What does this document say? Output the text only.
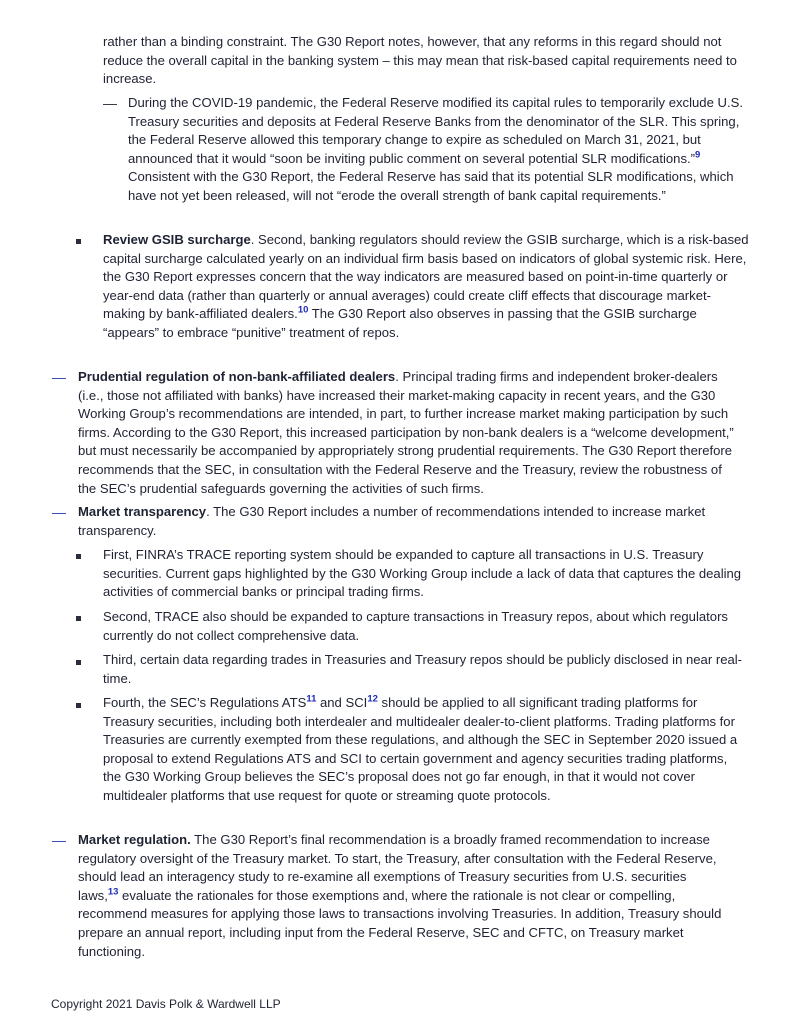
rather than a binding constraint. The G30 Report notes, however, that any reforms in this regard should not reduce the overall capital in the banking system – this may mean that risk-based capital requirements need to increase.

— During the COVID-19 pandemic, the Federal Reserve modified its capital rules to temporarily exclude U.S. Treasury securities and deposits at Federal Reserve Banks from the denominator of the SLR. This spring, the Federal Reserve allowed this temporary change to expire as scheduled on March 31, 2021, but announced that it would “soon be inviting public comment on several potential SLR modifications.”$^9$ Consistent with the G30 Report, the Federal Reserve has said that its potential SLR modifications, which have not yet been released, will not “erode the overall strength of bank capital requirements.”

Review GSIB surcharge. Second, banking regulators should review the GSIB surcharge, which is a risk-based capital surcharge calculated yearly on an individual firm basis based on indicators of global systemic risk. Here, the G30 Report expresses concern that the way indicators are measured based on point-in-time quarterly or year-end data (rather than quarterly or annual averages) could create cliff effects that discourage market-making by bank-affiliated dealers.$^{10}$ The G30 Report also observes in passing that the GSIB surcharge “appears” to embrace “punitive” treatment of repos.

— Prudential regulation of non-bank-affiliated dealers. Principal trading firms and independent broker-dealers (i.e., those not affiliated with banks) have increased their market-making capacity in recent years, and the G30 Working Group’s recommendations are intended, in part, to further increase market making participation by such firms. According to the G30 Report, this increased participation by non-bank dealers is a “welcome development,” but must necessarily be accompanied by appropriately strong prudential requirements. The G30 Report therefore recommends that the SEC, in consultation with the Federal Reserve and the Treasury, review the robustness of the SEC’s prudential safeguards governing the activities of such firms.

— Market transparency. The G30 Report includes a number of recommendations intended to increase market transparency.

First, FINRA’s TRACE reporting system should be expanded to capture all transactions in U.S. Treasury securities. Current gaps highlighted by the G30 Working Group include a lack of data that captures the dealing activities of commercial banks or principal trading firms.

Second, TRACE also should be expanded to capture transactions in Treasury repos, about which regulators currently do not collect comprehensive data.

Third, certain data regarding trades in Treasuries and Treasury repos should be publicly disclosed in near real-time.

Fourth, the SEC’s Regulations ATS$^{11}$ and SCI$^{12}$ should be applied to all significant trading platforms for Treasury securities, including both interdealer and multidealer dealer-to-client platforms. Trading platforms for Treasuries are currently exempted from these regulations, and although the SEC in September 2020 issued a proposal to extend Regulations ATS and SCI to certain government and agency securities trading platforms, the G30 Working Group believes the SEC’s proposal does not go far enough, in that it would not cover multidealer platforms that use request for quote or streaming quote protocols.

— Market regulation. The G30 Report’s final recommendation is a broadly framed recommendation to increase regulatory oversight of the Treasury market. To start, the Treasury, after consultation with the Federal Reserve, should lead an interagency study to re-examine all exemptions of Treasury securities from U.S. securities laws,$^{13}$ evaluate the rationales for those exemptions and, where the rationale is not clear or compelling, recommend measures for applying those laws to transactions involving Treasuries. In addition, Treasury should prepare an annual report, including input from the Federal Reserve, SEC and CFTC, on Treasury market functioning.

Copyright 2021 Davis Polk & Wardwell LLP
